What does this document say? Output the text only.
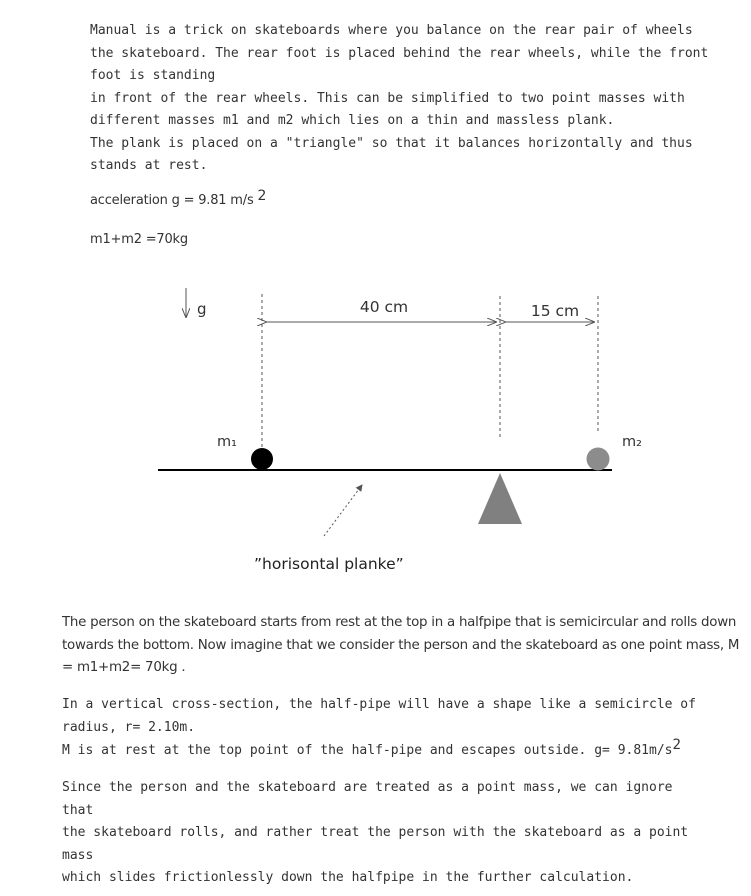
Manual is a trick on skateboards where you balance on the rear pair of wheels
the skateboard. The rear foot is placed behind the rear wheels, while the front
foot is standing
in front of the rear wheels. This can be simplified to two point masses with
different masses m1 and m2 which lies on a thin and massless plank.
The plank is placed on a "triangle" so that it balances horizontally and thus
stands at rest.
acceleration g = 9.81 m/s $^2$
m1+m2 =70kg
g	40 cm	15 cm
m₁	m₂
”horisontal planke”
The person on the skateboard starts from rest at the top in a halfpipe that is semicircular and rolls down towards the bottom. Now imagine that we consider the person and the skateboard as one point mass, M = m1+m2= 70kg .
In a vertical cross-section, the half-pipe will have a shape like a semicircle of
radius, r= 2.10m.
M is at rest at the top point of the half-pipe and escapes outside. $g= 9.81m/s^2$
Since the person and the skateboard are treated as a point mass, we can ignore
that
the skateboard rolls, and rather treat the person with the skateboard as a point
mass
which slides frictionlessly down the halfpipe in the further calculation.
